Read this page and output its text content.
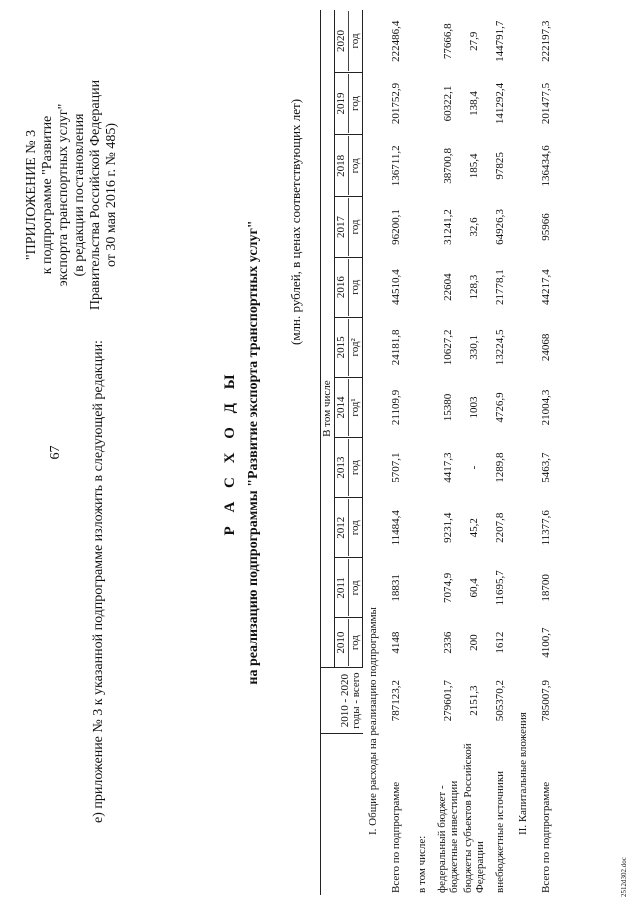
67 е) приложение № 3 к указанной подпрограмме изложить в следующей редакции:
"ПРИЛОЖЕНИЕ № 3 к подпрограмме "Развитие экспорта транспортных услуг" (в редакции постановления Правительства Российской Федерации от 30 мая 2016 г. № 485)
Р А С Х О Д Ы на реализацию подпрограммы "Развитие экспорта транспортных услуг" (млн. рублей, в ценах соответствующих лет)
	2010 - 2020 годы - всего	В том числе										

		2010 год	2011 год	2012 год	2013 год	2014 год¹	2015 год²	2016 год	2017 год	2018 год	2019 год	2020 год
I. Общие расходы на реализацию подпрограммы												
Всего по подпрограмме	787123,2	4148	18831	11484,4	5707,1	21109,9	24181,8	44510,4	96200,1	136711,2	201752,9	222486,4
в том числе:												
федеральный бюджет - бюджетные инвестиции	279601,7	2336	7074,9	9231,4	4417,3	15380	10627,2	22604	31241,2	38700,8	60322,1	77666,8
бюджеты субъектов Российской Федерации	2151,3	200	60,4	45,2	-	1003	330,1	128,3	32,6	185,4	138,4	27,9
внебюджетные источники	505370,2	1612	11695,7	2207,8	1289,8	4726,9	13224,5	21778,1	64926,3	97825	141292,4	144791,7
II. Капитальные вложения												
Всего по подпрограмме	785007,9	4100,7	18700	11377,6	5463,7	21004,3	24068	44217,4	95966	136434,6	201477,5	222197,3
2512d302.doc
